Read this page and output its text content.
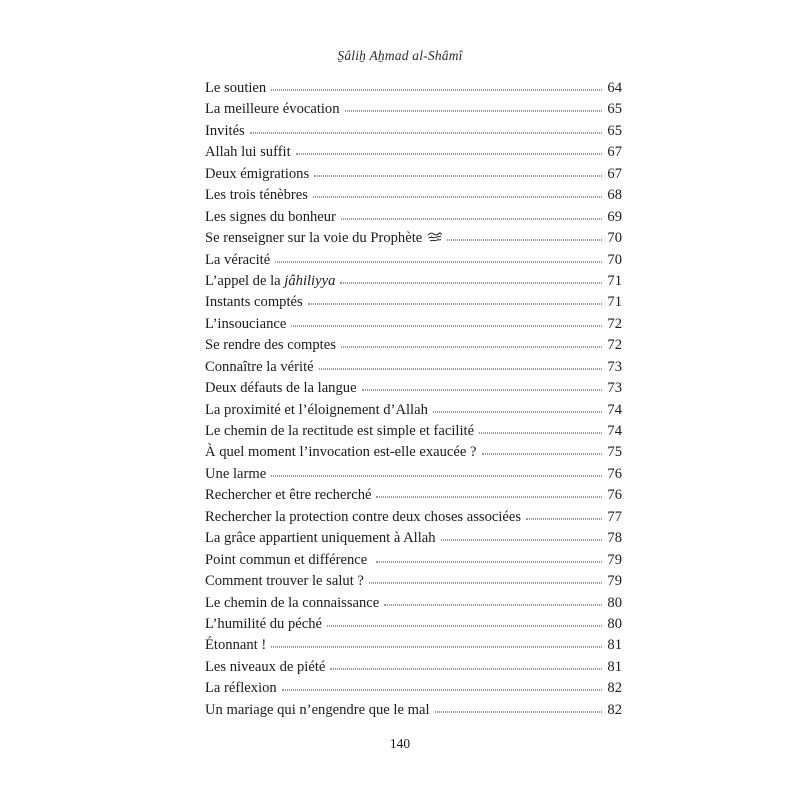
S̱âliẖ Aẖmad al-Shâmî
Le soutien	64
La meilleure évocation	65
Invités	65
Allah lui suffit	67
Deux émigrations	67
Les trois ténèbres	68
Les signes du bonheur	69
Se renseigner sur la voie du Prophète	70
La véracité	70
L’appel de la jâhiliyya	71
Instants comptés	71
L’insouciance	72
Se rendre des comptes	72
Connaître la vérité	73
Deux défauts de la langue	73
La proximité et l’éloignement d’Allah	74
Le chemin de la rectitude est simple et facilité	74
À quel moment l’invocation est-elle exaucée ?	75
Une larme	76
Rechercher et être recherché	76
Rechercher la protection contre deux choses associées	77
La grâce appartient uniquement à Allah	78
Point commun et différence	79
Comment trouver le salut ?	79
Le chemin de la connaissance	80
L’humilité du péché	80
Étonnant !	81
Les niveaux de piété	81
La réflexion	82
Un mariage qui n’engendre que le mal	82
140
